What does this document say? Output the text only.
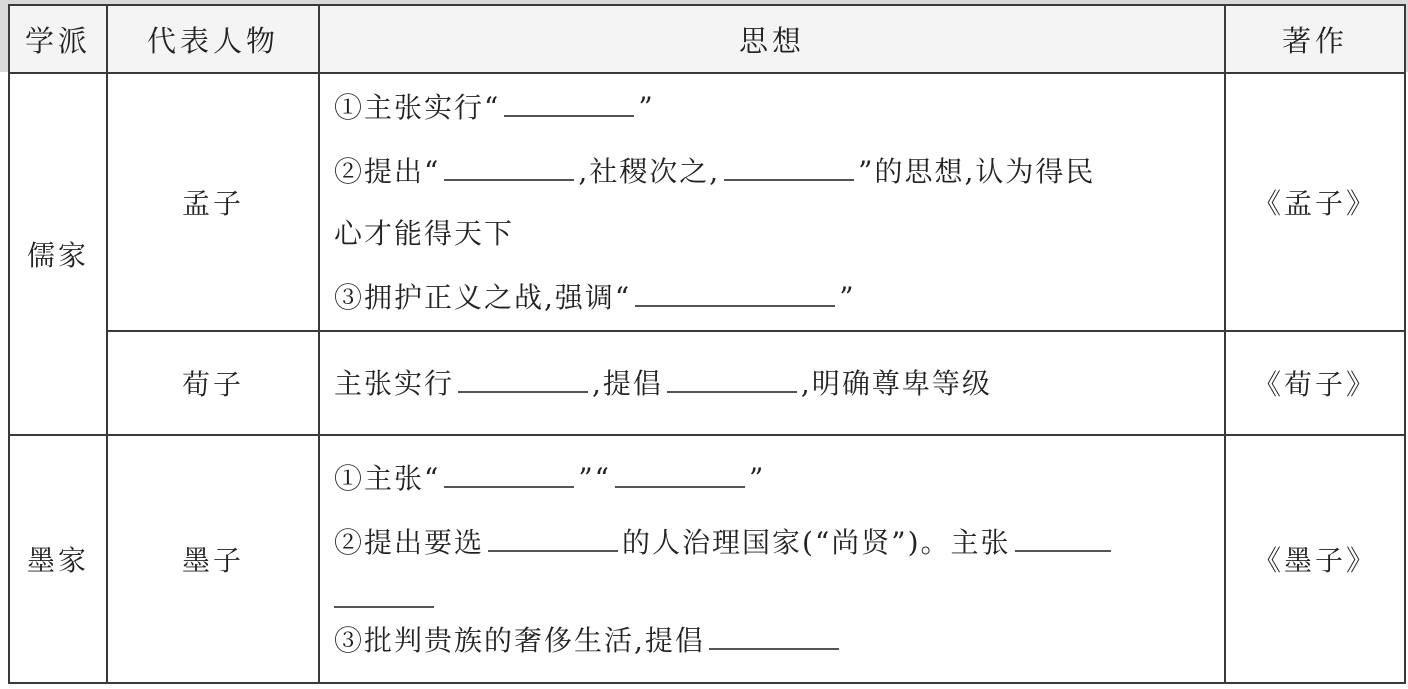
学派	代表人物	思想	著作
儒家	孟子	①主张实行“ ”
②提出“ ,社稷次之, ”的思想,认为得民
心才能得天下
③拥护正义之战,强调“ ”	《孟子》
	荀子	主张实行 ,提倡 ,明确尊卑等级	《荀子》
墨家	墨子	①主张“ ”“ ”
②提出要选 的人治理国家(“尚贤”)。主张
③批判贵族的奢侈生活,提倡	《墨子》
